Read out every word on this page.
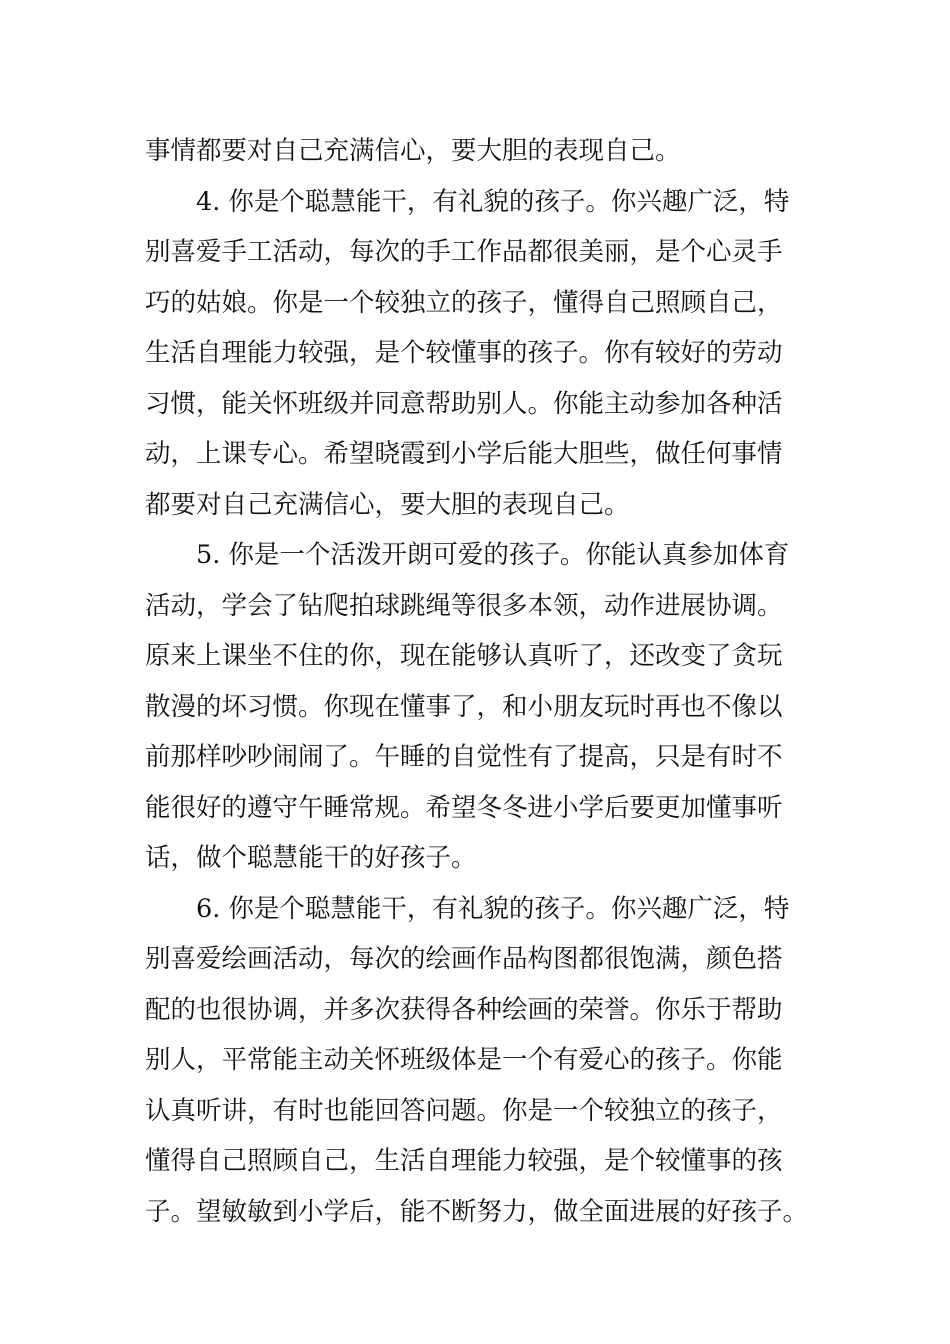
事情都要对自己充满信心，要大胆的表现自己。

4. 你是个聪慧能干，有礼貌的孩子。你兴趣广泛，特

别喜爱手工活动，每次的手工作品都很美丽，是个心灵手

巧的姑娘。你是一个较独立的孩子，懂得自己照顾自己，

生活自理能力较强，是个较懂事的孩子。你有较好的劳动

习惯，能关怀班级并同意帮助别人。你能主动参加各种活

动，上课专心。希望晓霞到小学后能大胆些，做任何事情

都要对自己充满信心，要大胆的表现自己。

5. 你是一个活泼开朗可爱的孩子。你能认真参加体育

活动，学会了钻爬拍球跳绳等很多本领，动作进展协调。

原来上课坐不住的你，现在能够认真听了，还改变了贪玩

散漫的坏习惯。你现在懂事了，和小朋友玩时再也不像以

前那样吵吵闹闹了。午睡的自觉性有了提高，只是有时不

能很好的遵守午睡常规。希望冬冬进小学后要更加懂事听

话，做个聪慧能干的好孩子。

6. 你是个聪慧能干，有礼貌的孩子。你兴趣广泛，特

别喜爱绘画活动，每次的绘画作品构图都很饱满，颜色搭

配的也很协调，并多次获得各种绘画的荣誉。你乐于帮助

别人，平常能主动关怀班级体是一个有爱心的孩子。你能

认真听讲，有时也能回答问题。你是一个较独立的孩子，

懂得自己照顾自己，生活自理能力较强，是个较懂事的孩

子。望敏敏到小学后，能不断努力，做全面进展的好孩子。
